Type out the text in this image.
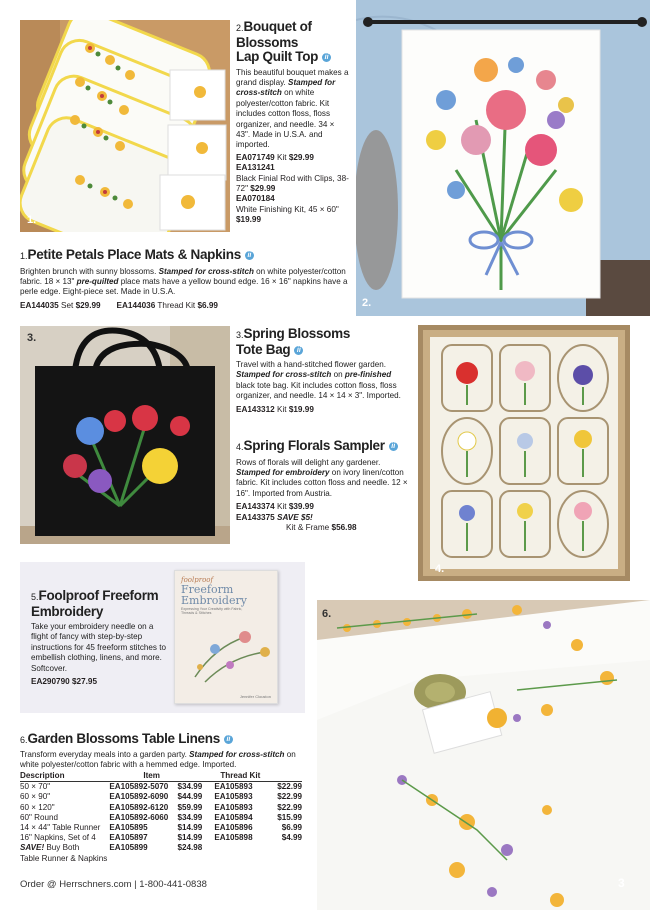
1.
2.Bouquet of
Blossoms
Lap Quilt Top ii
This beautiful bouquet makes a grand display. Stamped for cross-stitch on white polyester/cotton fabric. Kit includes cotton floss, floss organizer, and needle. 34 × 43". Made in U.S.A. and imported.
EA071749 Kit $29.99
EA131241
Black Finial Rod with Clips, 38-72" $29.99
EA070184
White Finishing Kit, 45 × 60" $19.99
2.
1.Petite Petals Place Mats & Napkins ii
Brighten brunch with sunny blossoms. Stamped for cross-stitch on white polyester/cotton fabric. 18 × 13" pre-quilted place mats have a yellow bound edge. 16 × 16" napkins have a perle edge. Eight-piece set. Made in U.S.A.
EA144035 Set $29.99 EA144036 Thread Kit $6.99
3.	3.Spring Blossoms
Tote Bag ii
Travel with a hand-stitched flower garden. Stamped for cross-stitch on pre-finished black tote bag. Kit includes cotton floss, floss organizer, and needle. 14 × 14 × 3". Imported.
EA143312 Kit $19.99
4.Spring Florals Sampler ii
Rows of florals will delight any gardener. Stamped for embroidery on ivory linen/cotton fabric. Kit includes cotton floss and needle. 12 × 16". Imported from Austria.
EA143374 Kit $39.99
EA143375 SAVE $5!
Kit & Frame $56.98
4.
5.Foolproof Freeform
Embroidery
Take your embroidery needle on a flight of fancy with step-by-step instructions for 45 freeform stitches to embellish clothing, linens, and more. Softcover.
EA290790 $27.95
foolproof
Freeform
Embroidery
Expressing Your Creativity with Fabric, Threads & Stitches
Jennifer Clouston
6.
6.Garden Blossoms Table Linens ii
Transform everyday meals into a garden party. Stamped for cross-stitch on white polyester/cotton fabric with a hemmed edge. Imported.
Description	Item		Thread Kit	
50 × 70"	EA105892-5070	$34.99	EA105893	$22.99
60 × 90"	EA105892-6090	$44.99	EA105893	$22.99
60 × 120"	EA105892-6120	$59.99	EA105893	$22.99
60" Round	EA105892-6060	$34.99	EA105894	$15.99
14 × 44" Table Runner	EA105895	$14.99	EA105896	$6.99
16" Napkins, Set of 4	EA105897	$14.99	EA105898	$4.99
SAVE! Buy Both	EA105899	$24.98		
Table Runner & Napkins				
Order @ Herrschners.com | 1-800-441-0838	3
